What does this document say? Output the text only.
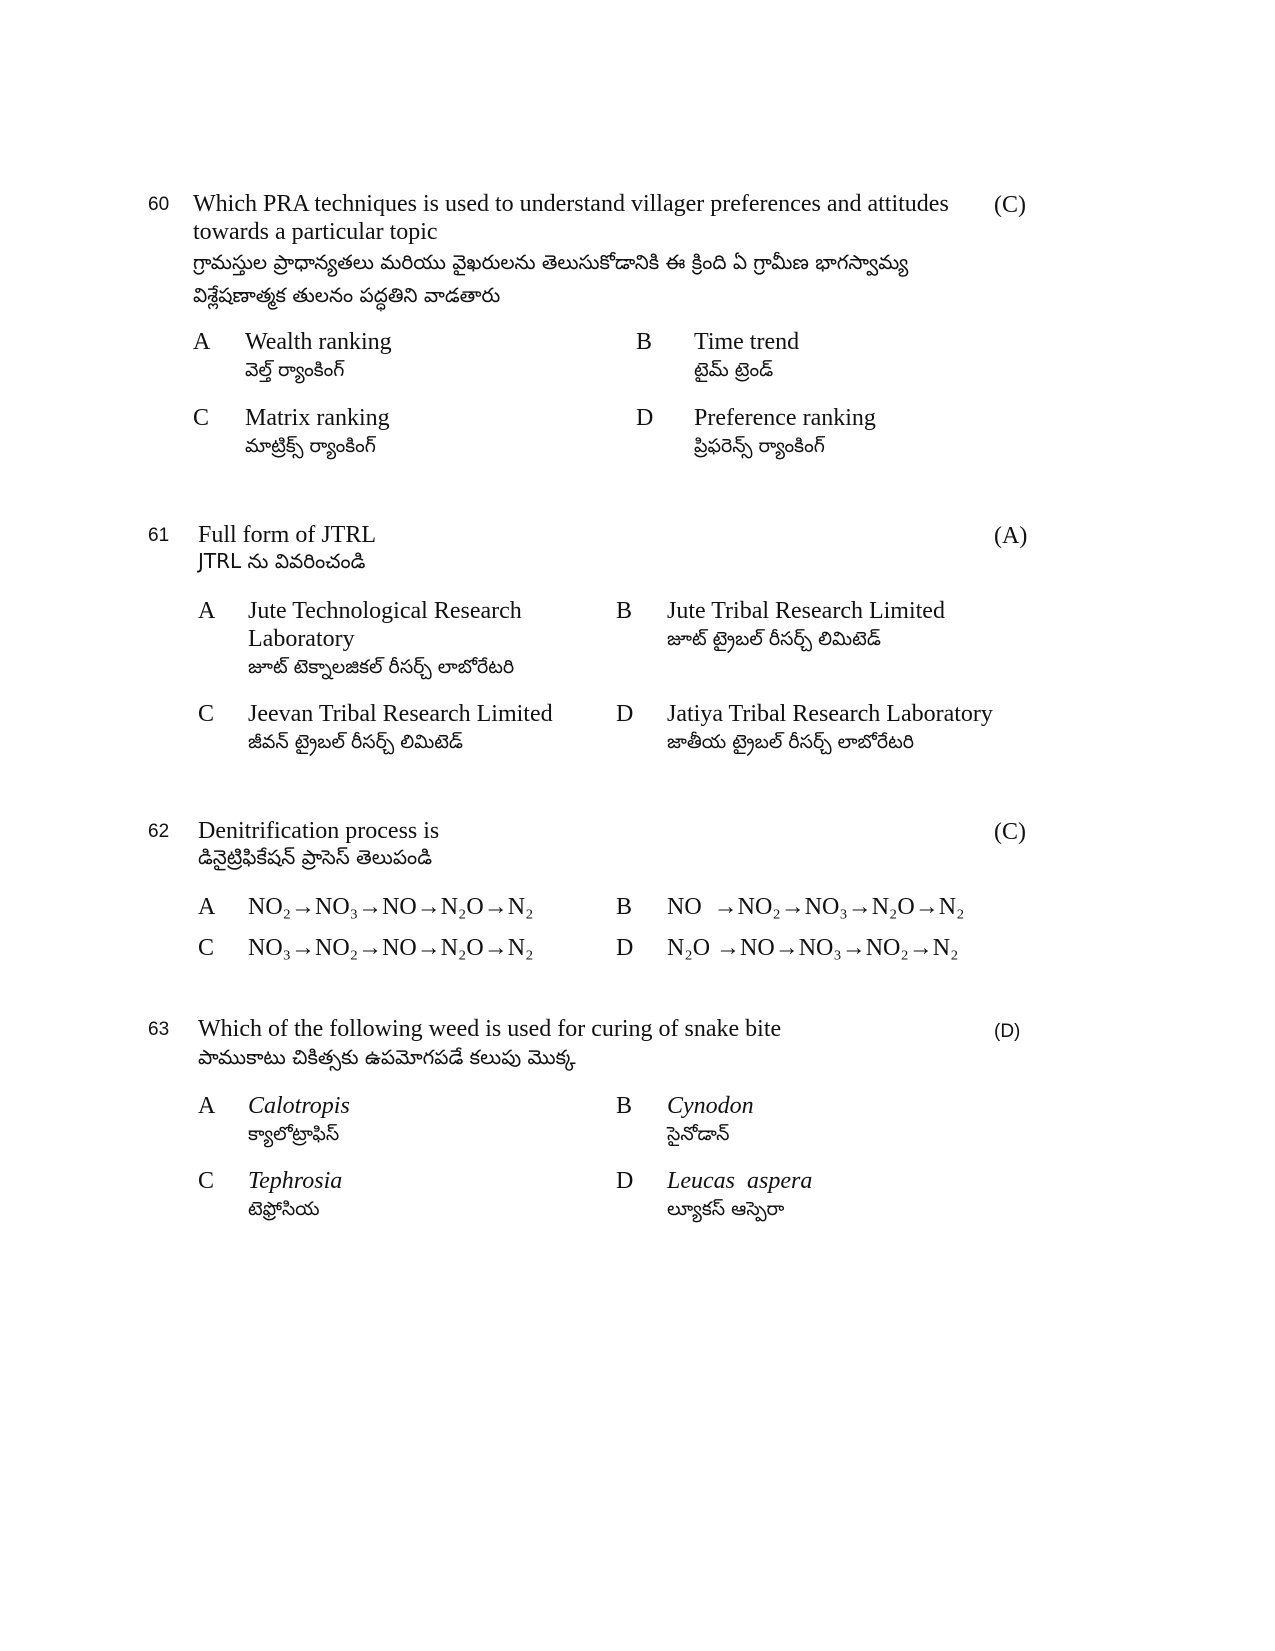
60	(C)
Which PRA techniques is used to understand villager preferences and attitudes towards a particular topic
గ్రామస్తుల ప్రాధాన్యతలు మరియు వైఖరులను తెలుసుకోడానికి ఈ క్రింది ఏ గ్రామీణ భాగస్వామ్య విశ్లేషణాత్మక తులనం పద్ధతిని వాడతారు
A Wealth ranking
వెల్త్ ర్యాంకింగ్
B Time trend
టైమ్ ట్రెండ్
C Matrix ranking
మాట్రిక్స్ ర్యాంకింగ్
D Preference ranking
ప్రిఫరెన్స్ ర్యాంకింగ్
61	(A)
Full form of JTRL
JTRL ను వివరించండి
A Jute Technological Research Laboratory
జూట్ టెక్నాలజికల్ రీసర్చ్ లాబోరేటరి
B Jute Tribal Research Limited
జూట్ ట్రైబల్ రీసర్చ్ లిమిటెడ్
C Jeevan Tribal Research Limited
జీవన్ ట్రైబల్ రీసర్చ్ లిమిటెడ్
D Jatiya Tribal Research Laboratory
జాతీయ ట్రైబల్ రీసర్చ్ లాబోరేటరి
62	(C)
Denitrification process is
డినైట్రిఫికేషన్ ప్రాసెస్ తెలుపండి
A NO₂→NO₃→NO→N₂O→N₂	B NO  →NO₂→NO₃→N₂O→N₂
C NO₃→NO₂→NO→N₂O→N₂	D N₂O →NO→NO₃→NO₂→N₂
63	(D)
Which of the following weed is used for curing of snake bite
పాముకాటు చికిత్సకు ఉపమోగపడే కలుపు మొక్క
A Calotropis
క్యాలోట్రాఫిస్
B Cynodon
సైనోడాన్
C Tephrosia
టెఫ్రోసియ
D Leucas  aspera
ల్యూకస్ ఆస్పెరా
